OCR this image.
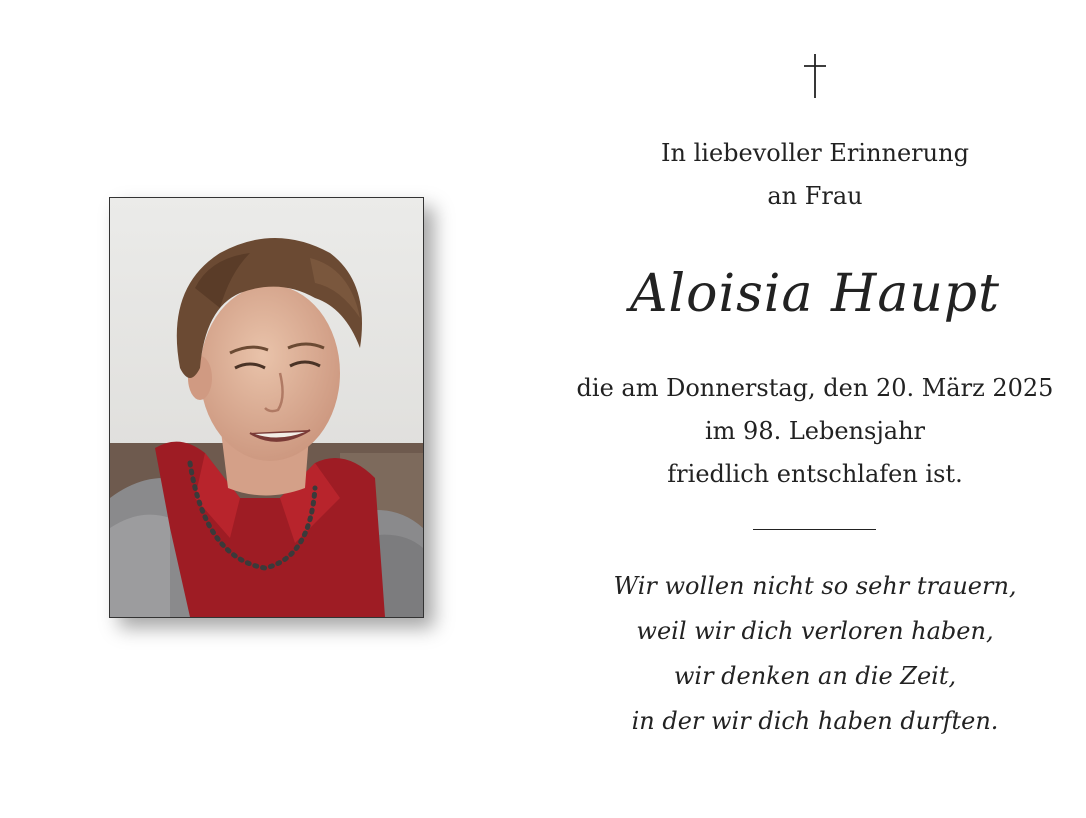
In liebevoller Erinnerung
an Frau
Aloisia Haupt
die am Donnerstag, den 20. März 2025
im 98. Lebensjahr
friedlich entschlafen ist.
Wir wollen nicht so sehr trauern,
weil wir dich verloren haben,
wir denken an die Zeit,
in der wir dich haben durften.
